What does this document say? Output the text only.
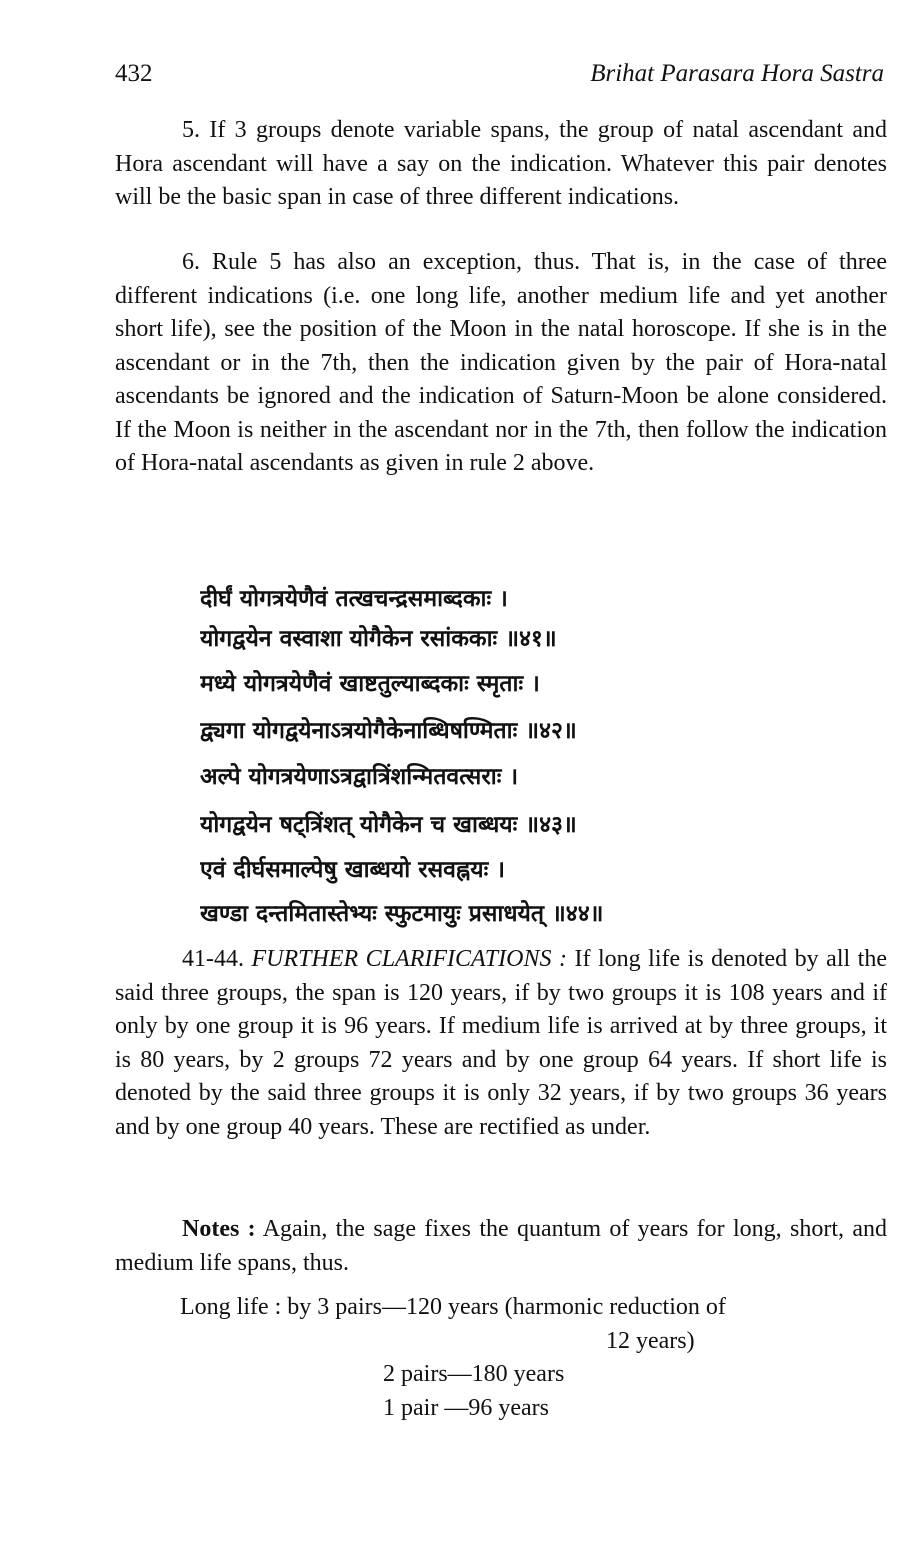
432	Brihat Parasara Hora Sastra

5. If 3 groups denote variable spans, the group of natal ascendant and Hora ascendant will have a say on the indication. Whatever this pair denotes will be the basic span in case of three different indications.

6. Rule 5 has also an exception, thus. That is, in the case of three different indications (i.e. one long life, another medium life and yet another short life), see the position of the Moon in the natal horoscope. If she is in the ascendant or in the 7th, then the indication given by the pair of Hora-natal ascendants be ignored and the indication of Saturn-Moon be alone considered. If the Moon is neither in the ascendant nor in the 7th, then follow the indication of Hora-natal ascendants as given in rule 2 above.

दीर्घं योगत्रयेणैवं तत्खचन्द्रसमाब्दकाः ।
योगद्वयेन वस्वाशा योगैकेन रसांककाः ॥४१॥
मध्ये योगत्रयेणैवं खाष्टतुल्याब्दकाः स्मृताः ।
द्व्यगा योगद्वयेनाऽत्रयोगैकेनाब्धिषण्मिताः ॥४२॥
अल्पे योगत्रयेणाऽत्रद्वात्रिंशन्मितवत्सराः ।
योगद्वयेन षट्त्रिंशत् योगैकेन च खाब्धयः ॥४३॥
एवं दीर्घसमाल्पेषु खाब्धयो रसवह्नयः ।
खण्डा दन्तमितास्तेभ्यः स्फुटमायुः प्रसाधयेत् ॥४४॥

41-44. FURTHER CLARIFICATIONS : If long life is denoted by all the said three groups, the span is 120 years, if by two groups it is 108 years and if only by one group it is 96 years. If medium life is arrived at by three groups, it is 80 years, by 2 groups 72 years and by one group 64 years. If short life is denoted by the said three groups it is only 32 years, if by two groups 36 years and by one group 40 years. These are rectified as under.

Notes : Again, the sage fixes the quantum of years for long, short, and medium life spans, thus.

Long life : by 3 pairs—120 years (harmonic reduction of
12 years)
2 pairs—180 years
1 pair —96 years
